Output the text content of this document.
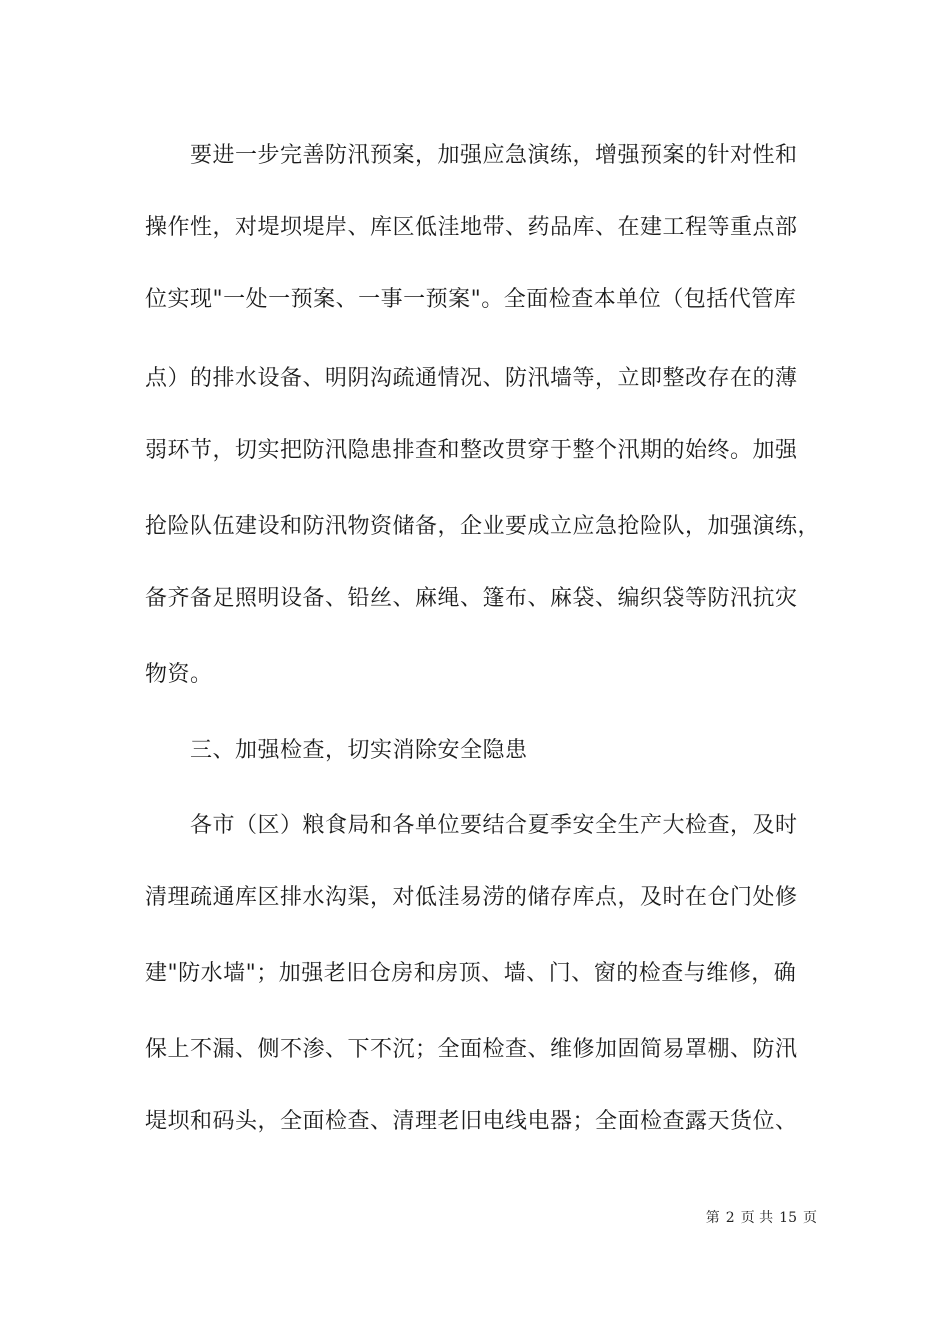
要进一步完善防汛预案，加强应急演练，增强预案的针对性和
操作性，对堤坝堤岸、库区低洼地带、药品库、在建工程等重点部
位实现"一处一预案、一事一预案"。全面检查本单位（包括代管库
点）的排水设备、明阴沟疏通情况、防汛墙等，立即整改存在的薄
弱环节，切实把防汛隐患排查和整改贯穿于整个汛期的始终。加强
抢险队伍建设和防汛物资储备，企业要成立应急抢险队，加强演练，
备齐备足照明设备、铅丝、麻绳、篷布、麻袋、编织袋等防汛抗灾
物资。
三、加强检查，切实消除安全隐患
各市（区）粮食局和各单位要结合夏季安全生产大检查，及时
清理疏通库区排水沟渠，对低洼易涝的储存库点，及时在仓门处修
建"防水墙"；加强老旧仓房和房顶、墙、门、窗的检查与维修，确
保上不漏、侧不渗、下不沉；全面检查、维修加固简易罩棚、防汛
堤坝和码头，全面检查、清理老旧电线电器；全面检查露天货位、
第 2 页 共 15 页
